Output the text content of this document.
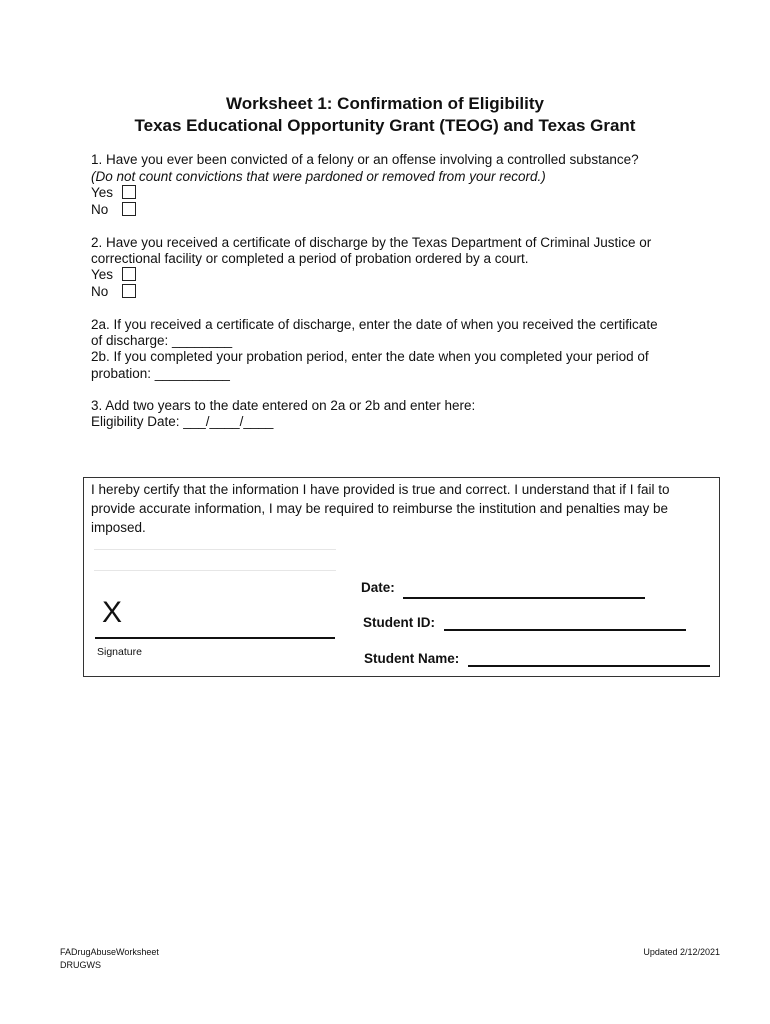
Worksheet 1: Confirmation of Eligibility
Texas Educational Opportunity Grant (TEOG) and Texas Grant
1. Have you ever been convicted of a felony or an offense involving a controlled substance?
(Do not count convictions that were pardoned or removed from your record.)
Yes
No
2. Have you received a certificate of discharge by the Texas Department of Criminal Justice or
correctional facility or completed a period of probation ordered by a court.
Yes
No
2a. If you received a certificate of discharge, enter the date of when you received the certificate
of discharge: ________
2b. If you completed your probation period, enter the date when you completed your period of
probation: __________
3. Add two years to the date entered on 2a or 2b and enter here:
Eligibility Date: ___/____/____
I hereby certify that the information I have provided is true and correct. I understand that if I fail to provide accurate information, I may be required to reimburse the institution and penalties may be imposed.
X
Signature
Date:
Student ID:
Student Name:
FADrugAbuseWorksheet
DRUGWS
Updated 2/12/2021
